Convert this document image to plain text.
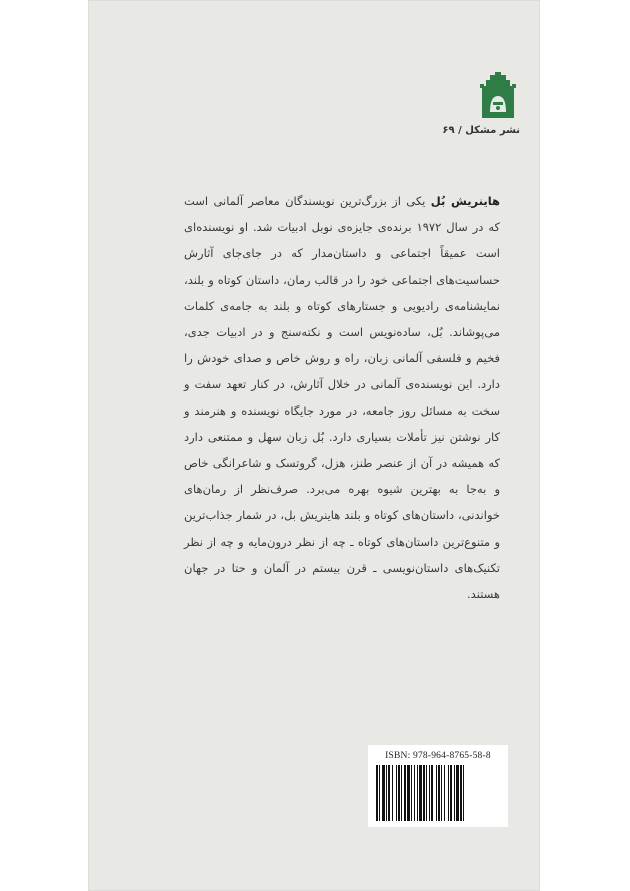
نشر مشکل / ۶۹
هاینریش بُل یکی از بزرگ‌ترین نویسندگان معاصر آلمانی است که در سال ۱۹۷۲ برنده‌ی جایزه‌ی نوبل ادبیات شد. او نویسنده‌ای است عمیقاً اجتماعی و داستان‌مدار که در جای‌جای آثارش حساسیت‌های اجتماعی خود را در قالب رمان، داستان کوتاه و بلند، نمایشنامه‌ی رادیویی و جستارهای کوتاه و بلند به جامه‌ی کلمات می‌پوشاند. بُل، ساده‌نویس است و نکته‌سنج و در ادبیات جدی، فخیم و فلسفی آلمانی زبان، راه و روش خاص و صدای خودش را دارد. این نویسنده‌ی آلمانی در خلال آثارش، در کنار تعهد سفت و سخت به مسائل روز جامعه، در مورد جایگاه نویسنده و هنرمند و کار نوشتن نیز تأملات بسیاری دارد. بُل زبان سهل و ممتنعی دارد که همیشه در آن از عنصر طنز، هزل، گروتسک و شاعرانگی خاص و به‌جا به بهترین شیوه بهره می‌برد. صرف‌نظر از رمان‌های خواندنی، داستان‌های کوتاه و بلند هاینریش بل، در شمار جذاب‌ترین و متنوع‌ترین داستان‌های کوتاه ـ چه از نظر درون‌مایه و چه از نظر تکنیک‌های داستان‌نویسی ـ قرن بیستم در آلمان و حتا در جهان هستند.
ISBN: 978-964-8765-58-8
